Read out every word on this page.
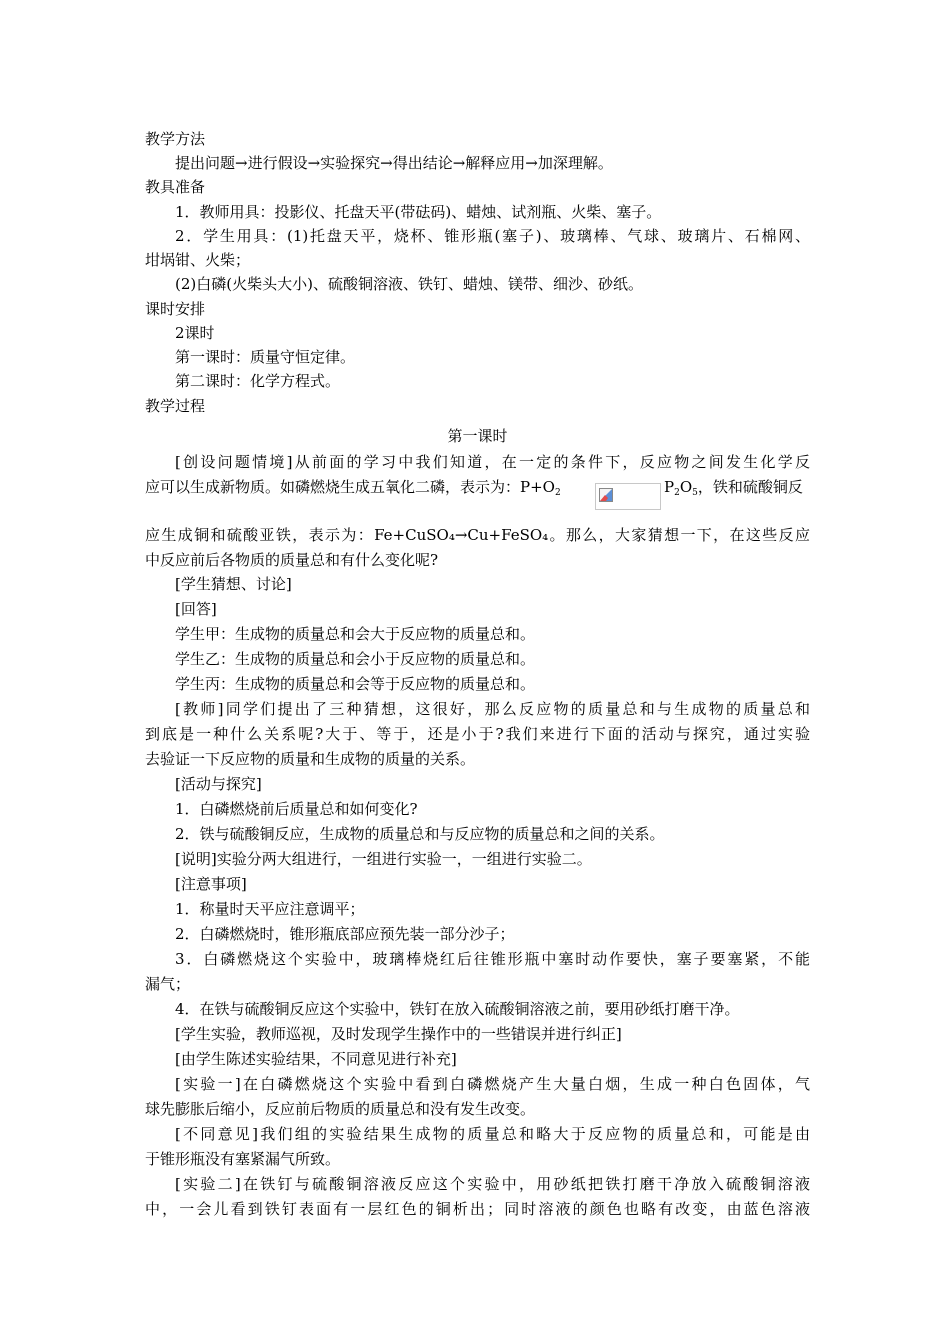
教学方法
提出问题→进行假设→实验探究→得出结论→解释应用→加深理解。
教具准备
1．教师用具：投影仪、托盘天平(带砝码)、蜡烛、试剂瓶、火柴、塞子。
2．学生用具：(1)托盘天平，烧杯、锥形瓶(塞子)、玻璃棒、气球、玻璃片、石棉网、
坩埚钳、火柴；
(2)白磷(火柴头大小)、硫酸铜溶液、铁钉、蜡烛、镁带、细沙、砂纸。
课时安排
2课时
第一课时：质量守恒定律。
第二课时：化学方程式。
教学过程
第一课时
[创设问题情境]从前面的学习中我们知道，在一定的条件下，反应物之间发生化学反
应可以生成新物质。如磷燃烧生成五氧化二磷，表示为：$P+O_2$	$P_2O_5$，铁和硫酸铜反
应生成铜和硫酸亚铁，表示为：Fe+CuSO₄→Cu+FeSO₄。那么，大家猜想一下，在这些反应
中反应前后各物质的质量总和有什么变化呢?
[学生猜想、讨论]
[回答]
学生甲：生成物的质量总和会大于反应物的质量总和。
学生乙：生成物的质量总和会小于反应物的质量总和。
学生丙：生成物的质量总和会等于反应物的质量总和。
[教师]同学们提出了三种猜想，这很好，那么反应物的质量总和与生成物的质量总和
到底是一种什么关系呢?大于、等于，还是小于?我们来进行下面的活动与探究，通过实验
去验证一下反应物的质量和生成物的质量的关系。
[活动与探究]
1．白磷燃烧前后质量总和如何变化?
2．铁与硫酸铜反应，生成物的质量总和与反应物的质量总和之间的关系。
[说明]实验分两大组进行，一组进行实验一，一组进行实验二。
[注意事项]
1．称量时天平应注意调平；
2．白磷燃烧时，锥形瓶底部应预先装一部分沙子；
3．白磷燃烧这个实验中，玻璃棒烧红后往锥形瓶中塞时动作要快，塞子要塞紧，不能
漏气；
4．在铁与硫酸铜反应这个实验中，铁钉在放入硫酸铜溶液之前，要用砂纸打磨干净。
[学生实验，教师巡视，及时发现学生操作中的一些错误并进行纠正]
[由学生陈述实验结果，不同意见进行补充]
[实验一]在白磷燃烧这个实验中看到白磷燃烧产生大量白烟，生成一种白色固体，气
球先膨胀后缩小，反应前后物质的质量总和没有发生改变。
[不同意见]我们组的实验结果生成物的质量总和略大于反应物的质量总和，可能是由
于锥形瓶没有塞紧漏气所致。
[实验二]在铁钉与硫酸铜溶液反应这个实验中，用砂纸把铁打磨干净放入硫酸铜溶液
中，一会儿看到铁钉表面有一层红色的铜析出；同时溶液的颜色也略有改变，由蓝色溶液
